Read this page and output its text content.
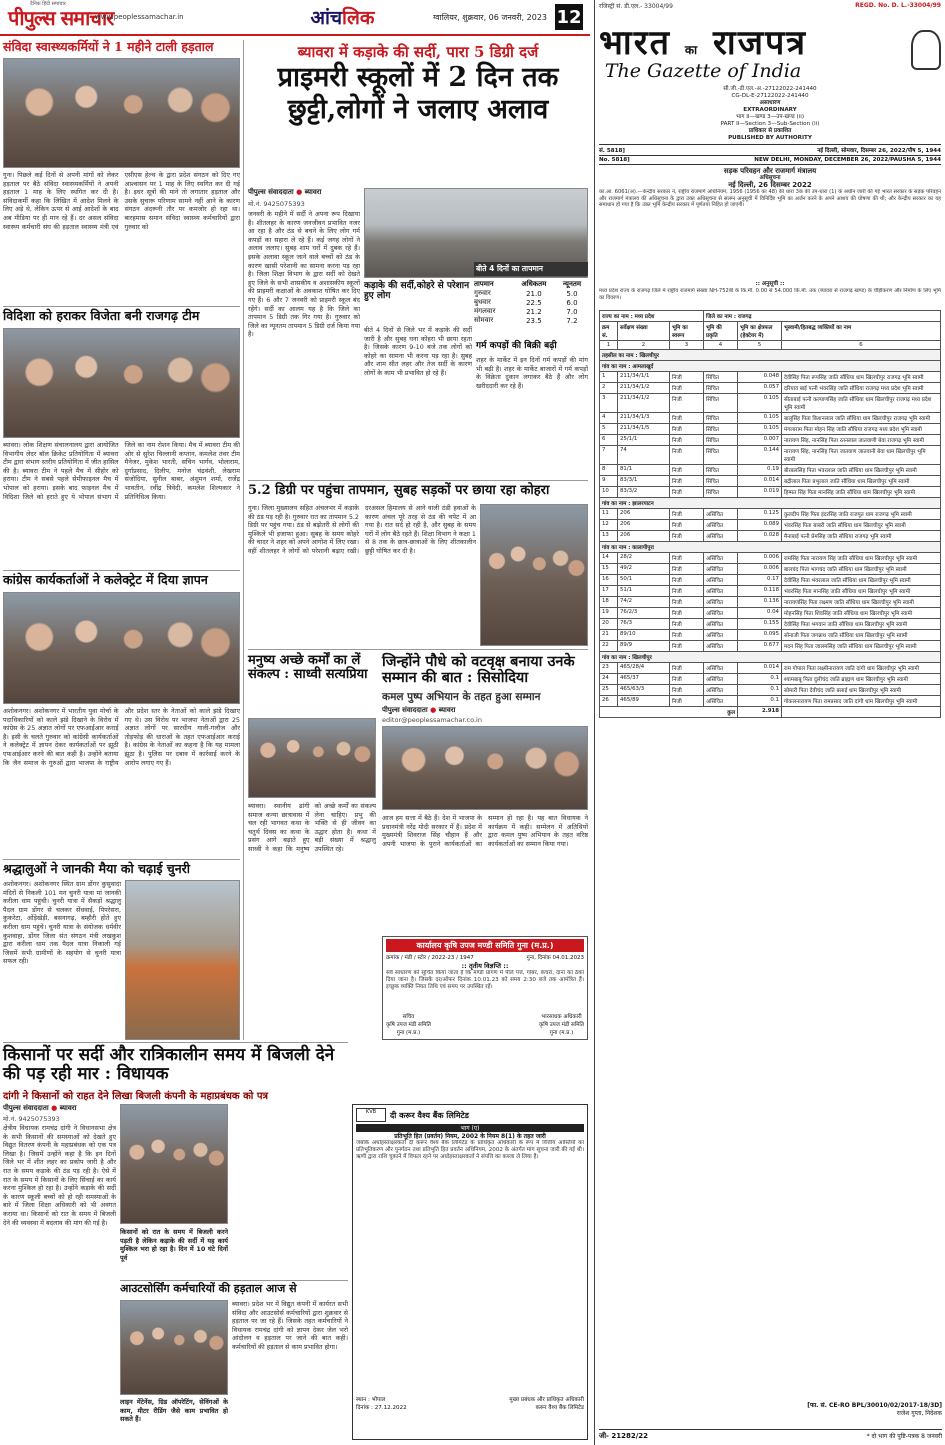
दैनिक हिंदी समाचार
पीपुल्स समाचार
www.peoplessamachar.in	आंचलिक	ग्वालियर, शुक्रवार, 06 जनवरी, 2023 12
संविदा स्वास्थ्यकर्मियों ने 1 महीने टाली हड़ताल
गुना। पिछले कई दिनों से अपनी मांगों को लेकर हड़ताल पर बैठे संविदा स्वास्थ्यकर्मियों ने अपनी हड़ताल 1 माह के लिए स्थगित कर दी है। संविदाकर्मी कहा कि लिखित में आदेश मिलने के लिए अड़े थे, लेकिन ऊपर से आई आदेशों के बाद अब मीडिया पर ही मान रहे हैं। दर असल संविदा स्वास्थ्य कर्मचारी संघ की हड़ताल स्वास्थ्य मंत्री एवं एसीएस हेल्थ के द्वारा प्रदेश संगठन को दिए गए आश्वासन पर 1 माह के लिए स्थगित कर दी गई है। इधर सूत्रों की माने तो लगातार हड़ताल और उसके सुचारू परिणाम सामने नहीं आने के कारण संगठन अंदरूनी तौर पर कमजोर हो रहा था। बारहमास समान संविदा स्वास्थ्य कर्मचारियों द्वारा गुरुवार को
विदिशा को हराकर विजेता बनी राजगढ़ टीम
ब्यावरा। लोक शिक्षण संचालनालय द्वारा आयोजित विभागीय लेदर बॉल क्रिकेट प्रतियोगिता में ब्यावरा टीम द्वारा संभाग स्तरीय प्रतियोगिता में जीत हासिल की है। ब्यावरा टीम ने पहले मैच में सीहोर को हराया। टीम ने सबसे पहले सेमीफाइनल मैच में भोपाल को हराया। इसके बाद फाइनल मैच में विदिशा जिले को हराते हुए ये भोपाल संभाग में जिले का नाम रोशन किया। मैच में ब्यावरा टीम की ओर से सुरेश चिल्लानी कप्तान, कमलेश तंवर टीम मैनेजर, मुकेश भारती, सचिन भार्गव, भोलाराम, दुर्गाप्रसाद, दिलीप, मनोज चंद्रवंशी, लेखराम संजोदिया, सुनील बाबर, अंशुमन शर्मा, राजेंद्र भावतीन, रवींद्र त्रिवेदी, कमलेश शिल्पकार ने प्रतिनिधित्व किया।
कांग्रेस कार्यकर्ताओं ने कलेक्ट्रेट में दिया ज्ञापन
अशोकनगर। अशोकनगर में भारतीय युवा मोर्चा के पदाधिकारियों को काले झंडे दिखाने के विरोध में कांग्रेस के 25 अज्ञात लोगों पर एफआईआर कराई है। इसी के चलते गुरुवार को कांग्रेसी कार्यकर्ताओं ने कलेक्ट्रेट में ज्ञापन देकर कार्यकर्ताओं पर झूठी एफआईआर करने की बात कही है। उन्होंने बताया कि जैन समाज के गुरुओं द्वारा भाजपा के राष्ट्रीय और प्रदेश स्तर के नेताओं को काले झंडे दिखाए गए थे। उस विरोध पर भाजपा नेताओं द्वारा 25 अज्ञात लोगों पर सारधीय गाली-गलौज और तोड़फोड़ की धाराओं के तहत एफआईआर कराई है। कांग्रेस के नेताओं का कहना है कि यह मामला झूठा है। पुलिस पर दबाव में कार्रवाई करने के आरोप लगाए गए हैं।
श्रद्धालुओं ने जानकी मैया को चढ़ाई चुनरी
अशोकनगर। अशोकनगर स्थित ग्राम डोंगर कुसुवादा मंदिरों से निकली 101 मन चुनरी यात्रा मां जानकी करीला धाम पहुंची। चुनरी यात्रा में सैकड़ों श्रद्धालु पैदल ग्राम डोंगर से चलकर सेंधवाई, पिपरेसरा, कुकरेटा, ओंड़ेखेड़ी, बसनागढ़, बम्हौरी होते हुए करीला धाम पहुंचे। चुनरी यात्रा के संयोजक धर्मवीर कुशवाहा, डोंगर जिला संत संगठन मंत्री लखकुश द्वारा करीला धाम तक पैदल यात्रा निकाली गई जिसमें सभी ग्रामीणों के सहयोग से चुनरी यात्रा सफल रही।
किसानों पर सर्दी और रात्रिकालीन समय में बिजली देने की पड़ रही मार : विधायक
दांगी ने किसानों को राहत देने लिखा बिजली कंपनी के महाप्रबंधक को पत्र
पीपुल्स संवाददाता ● ब्यावरा
मो.नं. 9425075393
क्षेत्रीय विधायक रामचंद्र दांगी ने विधानसभा क्षेत्र के सभी किसानों की समस्याओं को देखते हुए विद्युत वितरण कंपनी के महाप्रबंधक को एक पत्र लिखा है। जिसमें उन्होंने कहा है कि इन दिनों जिले भर में शीत लहर का प्रकोप जारी है और रात के समय कड़ाके की ठंड पड़ रही है। ऐसे में रात के समय में किसानों के लिए सिंचाई का कार्य करना मुश्किल हो रहा है। उन्होंने कड़ाके की सर्दी के कारण स्कूली बच्चों को हो रही समस्याओं के बारे में जिला शिक्षा अधिकारी को भी अवगत कराया था। किसानों को रात के समय में बिजली देने की व्यवस्था में बदलाव की मांग की गई है।
किसानों को रात के समय में बिजली करने पड़ती है लेकिन कड़ाके की सर्दी में यह कार्य मुश्किल भरा हो रहा है। दिन में 10 घंटे दिनों पूर्व
आउटसोर्सिंग कर्मचारियों की हड़ताल आज से
ब्यावरा। प्रदेश भर में विद्युत कंपनी में कार्यरत सभी संविदा और आउटसोर्स कर्मचारियों द्वारा शुक्रवार से हड़ताल पर जा रहे हैं। जिसके तहत कर्मचारियों ने विधायक रामचंद्र दांगी को ज्ञापन देकर जेल भरो आंदोलन व हड़ताल पर जाने की बात कही। कर्मचारियों की हड़ताल से काम प्रभावित होगा।
लाइन मेंटेनेंस, ग्रिड ऑपरेटिंग, सेविंगओं के काम, मीटर रीडिंग जैसे काम प्रभावित हो सकते हैं।
ब्यावरा में कड़ाके की सर्दी, पारा 5 डिग्री दर्ज
प्राइमरी स्कूलों में 2 दिन तक छुट्टी,लोगों ने जलाए अलाव
पीपुल्स संवाददाता ● ब्यावरा
मो.नं. 9425075393
जनवरी के महीने में सर्दी ने अपना रूप दिखाया है। शीतलहर के कारण जनजीवन प्रभावित नजर आ रहा है और ठंड से बचने के लिए लोग गर्म कपड़ों का सहारा ले रहे हैं। कई जगह लोगों ने अलाव जलाए। सुबह शाम घरों में दुबक रहे हैं। इसके अलावा स्कूल जाने वाले बच्चों को ठंड के कारण खासी परेशानी का सामना करना पड़ रहा है। जिला शिक्षा विभाग के द्वारा सर्दी को देखते हुए जिले के सभी शासकीय व अशासकीय स्कूलों की प्राइमरी कक्षाओं के अवकाश घोषित कर दिए गए हैं। 6 और 7 जनवरी को प्राइमरी स्कूल बंद रहेंगे। सर्दी का आलम यह है कि जिले का तापमान 5 डिग्री तक गिर गया है। गुरुवार को जिले का न्यूनतम तापमान 5 डिग्री दर्ज किया गया है।
बीते 4 दिनों का तापमान
कड़ाके की सर्दी,कोहरे से परेशान हुए लोग
तापमान	अधिकतम	न्यूनतम
गुरुवार	21.0	5.0
बुधवार	22.5	6.0
मंगलवार	21.2	7.0
सोमवार	23.5	7.2
बीते 4 दिनों से जिले भर में कड़ाके की सर्दी जारी है और सुबह घना कोहरा भी छाया रहता है। जिसके कारण 9-10 बजे तक लोगों को कोहरे का सामना भी करना पड़ रहा है। सुबह और शाम सीत लहर और तेज सर्दी के कारण लोगों के काम भी प्रभावित हो रहे हैं।
गर्म कपड़ों की बिक्री बढ़ी
शहर के मार्केट में इन दिनों गर्म कपड़ों की मांग भी बढ़ी है। शहर के मार्केट बाजारों में गर्म कपड़ों के विक्रेता दुकान लगाकर बैठे हैं और लोग खरीददारी कर रहे हैं।
5.2 डिग्री पर पहुंचा तापमान, सुबह सड़कों पर छाया रहा कोहरा
गुना। जिला मुख्यालय सहित अंचलभर में कड़ाके की ठंड पड़ रही है। गुरुवार रात का तापमान 5.2 डिग्री पर पहुंच गया। ठंड से बढ़ोतरी से लोगों की मुश्किलें भी इजाफा हुआ। सुबह के समय कोहरे की चादर ने शहर को अपने आगोश में लिए रखा। वहीं शीतलहर ने लोगों को परेशानी बढ़ाए रखी। दरअसल हिमालय से आने वाली ठंडी हवाओं के कारण अंचल पूरे तरह से ठंड की चपेट में आ गया है। रात सर्द हो रही है, और सुबह के समय घरों में लोग बैठे रहते हैं। शिक्षा विभाग ने कक्षा 1 से 8 तक के छात्र-छात्राओं के लिए शीतकालीन छुट्टी घोषित कर दी है।
मनुष्य अच्छे कर्मों का लें संकल्प : साध्वी सत्यप्रिया
ब्यावरा। स्थानीय ढांगी समाज कन्या छात्रावास में चल रही भागवत कथा के चतुर्थ दिवस का कथा के प्रसंग आगे बढ़ाते हुए साध्वी ने कहा कि मनुष्य को अच्छे कर्मों का संकल्प लेना चाहिए। प्रभु की भक्ति से ही जीवन का उद्धार होता है। कथा में बड़ी संख्या में श्रद्धालु उपस्थित रहे।
जिन्होंने पौधे को वटवृक्ष बनाया उनके सम्मान की बात : सिसोदिया
कमल पुष्प अभियान के तहत हुआ सम्मान
पीपुल्स संवाददाता ● ब्यावरा
editor@peoplessamachar.co.in
आज हम सत्ता में बैठे हैं। देश में भाजपा के प्रधानमंत्री नरेंद्र मोदी सरकार में हैं। प्रदेश में मुख्यमंत्री शिवराज सिंह चौहान हैं और अपनी भाजपा के पुराने कार्यकर्ताओं का सम्मान हो रहा है। यह बात विधायक ने कार्यक्रम में कही। सम्मेलन में अतिथियों द्वारा कमल पुष्प अभियान के तहत वरिष्ठ कार्यकर्ताओं का सम्मान किया गया।
कार्यालय कृषि उपज मण्डी समिति गुना (म.प्र.)
क्रमांक / मंडी / स्टोर / 2022-23 / 1947	गुना, दिनांक 04.01.2023
:: तृतीय विज्ञप्ति ::
सर्व साधारण को सूचित किया जाता है कि मण्डी प्रांगण में पीले पत्ते, गोबर, कचरा, दाना का ठेका दिया जाना है। जिसके दर/ऑफर दिनांक 10.01.23 को समय 2:30 बजे तक आमंत्रित हैं। इच्छुक व्यक्ति नियत तिथि एवं समय पर उपस्थित रहें।
सचिव
कृषि उपज मंडी समिति
गुना (म.प्र.)
भारसाधक अधिकारी
कृषि उपज मंडी समिति
गुना (म.प्र.)
KVB	दी करूर वैश्य बैंक लिमिटेड
भाग (ए)
प्रतिभूति हित (प्रवर्तन) नियम, 2002 के नियम 8(1) के तहत जारी
जबकि अधोहस्ताक्षरकर्ता दी करूर वैश्य बैंक लिमिटेड के प्राधिकृत अधिकारी के रूप में वित्तीय आस्तियों का प्रतिभूतिकरण और पुनर्गठन तथा प्रतिभूति हित प्रवर्तन अधिनियम, 2002 के अंतर्गत मांग सूचना जारी की गई थी। ऋणी द्वारा राशि चुकाने में विफल रहने पर अधोहस्ताक्षरकर्ता ने संपत्ति का कब्जा ले लिया है।
स्थान : भोपाल
दिनांक : 27.12.2022
मुख्य प्रबंधक और प्राधिकृत अधिकारी
करूर वैश्य बैंक लिमिटेड
रजिस्ट्री सं. डी.एल.- 33004/99	REGD. No. D. L.-33004/99
भारत का राजपत्र
The Gazette of India
सी.जी.-डी.एल.-अ.-27122022-241440
CG-DL-E-27122022-241440
असाधारण
EXTRAORDINARY
भाग II—खण्ड 3—उप-खण्ड (ii)
PART II—Section 3—Sub-Section (ii)
प्राधिकार से प्रकाशित
PUBLISHED BY AUTHORITY
सं. 5818]	नई दिल्ली, सोमवार, दिसम्बर 26, 2022/पौष 5, 1944
No. 5818]	NEW DELHI, MONDAY, DECEMBER 26, 2022/PAUSHA 5, 1944
सड़क परिवहन और राजमार्ग मंत्रालय
अधिसूचना
नई दिल्ली, 26 दिसम्बर 2022
का.आ. 6061(अ).—केन्द्रीय सरकार ने, राष्ट्रीय राजमार्ग अधिनियम, 1956 (1956 का 48) की धारा 3क की उप-धारा (1) के अधीन जारी की गई भारत सरकार के सड़क परिवहन और राजमार्ग मंत्रालय की अधिसूचना के द्वारा उक्त अधिसूचना से संलग्न अनुसूची में विनिर्दिष्ट भूमि का अर्जन करने के अपने आशय की घोषणा की थी; और केन्द्रीय सरकार का यह समाधान हो गया है कि उक्त भूमि केन्द्रीय सरकार में पूर्णतया निहित हो जाएगी।
:: अनुसूची ::
मध्य प्रदेश राज्य के राजगढ़ जिले में राष्ट्रीय राजमार्ग संख्या NH-752बी के कि.मी. 0.00 से 54.000 कि.मी. तक (ब्यावरा से राजगढ़ खण्ड) के चौड़ीकरण और निर्माण के लिए भूमि का विवरण।
राज्य का नाम : मध्य प्रदेश			जिले का नाम : राजगढ़		
क्रम सं.	सर्वेक्षण संख्या	भूमि का स्वरूप	भूमि की प्रकृति	भूमि का क्षेत्रफल (हेक्टेयर में)	भूस्वामी/हितबद्ध व्यक्तियों का नाम
1	2	3	4	5	6
तहसील का नाम : खिलचीपुर					
गांव का नाम : आमलाखुर्द					
1	211/34/1/1	निजी	सिंचित	0.048	देवीसिंह पिता रूपसिंह जाति सौंधिया धाम खिलचीपुर राजगढ़ भूमि स्वामी
2	211/34/1/2	निजी	सिंचित	0.057	दरियाव बाई पत्नी भंवरसिंह जाति सौंधिया राजगढ़ मध्य प्रदेश भूमि स्वामी
3	211/34/1/2	निजी	सिंचित	0.105	सीताबाई पत्नी कल्याणसिंह जाति सौंधिया धाम खिलचीपुर राजगढ़ मध्य प्रदेश भूमि स्वामी
4	211/34/1/3	निजी	सिंचित	0.105	बालूसिंह पिता किशनलाल जाति सौंधिया धाम खिलचीपुर राजगढ़ भूमि स्वामी
5	211/34/1/5	निजी	सिंचित	0.105	मंगलाराम पिता मोहन सिंह जाति सौंधिया राजगढ़ मध्य प्रदेश भूमि स्वामी
6	25/1/1	निजी	सिंचित	0.007	नारायण सिंह, नानसिंह पिता रतनलाल जातवाणी बेवा राजगढ़ भूमि स्वामी
7	74	निजी	सिंचित	0.144	नारायण सिंह, नानसिंह पिता जातवाण जातवानी बेवा धाम खिलचीपुर भूमि स्वामी
8	81/1	निजी	सिंचित	0.19	बीरबलसिंह पिता भंवरलाल जाति सौंधिया धाम खिलचीपुर भूमि स्वामी
9	83/3/1	निजी	सिंचित	0.014	बद्रीलाल पिता प्रभुलाल जाति सौंधिया धाम खिलचीपुर भूमि स्वामी
10	83/3/2	निजी	सिंचित	0.019	हिम्मत सिंह पिता मानसिंह जाति सौंधिया धाम खिलचीपुर भूमि स्वामी
गांव का नाम : झालरपाटन					
11	206	निजी	असिंचित	0.125	कुलदीप सिंह पिता इंदरसिंह जाति राजपूत धाम राजगढ़ भूमि स्वामी
12	206	निजी	असिंचित	0.089	भंवरसिंह पिता बाबरी जाति सौंधिया धाम खिलचीपुर भूमि स्वामी
13	206	निजी	असिंचित	0.028	मैनाबाई पत्नी प्रेमसिंह जाति सौंधिया राजगढ़ भूमि स्वामी
गांव का नाम : कालापीपुरा					
14	28/2	निजी	असिंचित	0.006	रामसिंह पिता नारायण सिंह जाति सौंधिया धाम खिलचीपुर भूमि स्वामी
15	49/2	निजी	असिंचित	0.006	बालचंद पिता भागचंद जाति सौंधिया धाम खिलचीपुर भूमि स्वामी
16	50/1	निजी	असिंचित	0.17	देवीसिंह पिता भंवरलाल जाति सौंधिया धाम खिलचीपुर भूमि स्वामी
17	51/1	निजी	असिंचित	0.118	भंवरसिंह पिता मानसिंह जाति सौंधिया धाम खिलचीपुर भूमि स्वामी
18	74/2	निजी	असिंचित	0.136	नारायणसिंह पिता लक्ष्मण जाति सौंधिया धाम खिलचीपुर भूमि स्वामी
19	76/2/3	निजी	असिंचित	0.04	मोहनसिंह पिता शिवसिंह जाति सौंधिया धाम खिलचीपुर भूमि स्वामी
20	76/3	निजी	असिंचित	0.155	देवीसिंह पिता भगवान जाति सौंधिया धाम खिलचीपुर भूमि स्वामी
21	89/10	निजी	असिंचित	0.095	सोनाजी पिता जगन्नाथ जाति सौंधिया धाम खिलचीपुर भूमि स्वामी
22	89/9	निजी	असिंचित	0.677	मदन सिंह पिता जालमसिंह जाति सौंधिया धाम खिलचीपुर भूमि स्वामी
गांव का नाम : खिलचीपुर					
23	465/28/4	निजी	असिंचित	0.014	राम गोपाल पिता लक्ष्मीनारायण जाति दांगी धाम खिलचीपुर भूमि स्वामी
24	465/37	निजी	असिंचित	0.1	श्यामबाबू पिता दुलीचंद जाति ब्राह्मण धाम खिलचीपुर भूमि स्वामी
25	465/63/3	निजी	असिंचित	0.1	सोमारी पिता देवीचंद जाति बलाई धाम खिलचीपुर भूमि स्वामी
26	465/89	निजी	असिंचित	0.1	गोकलनारायण पिता रामप्रसाद जाति दांगी धाम खिलचीपुर भूमि स्वामी
कुल				2.918	
[फा. सं. CE-RO BPL/30010/02/2017-18/3D]
राजेश गुप्ता, निदेशक
जी- 21282/22	* दो भाग की पुष्टि-पत्रक 8 जनवरी
